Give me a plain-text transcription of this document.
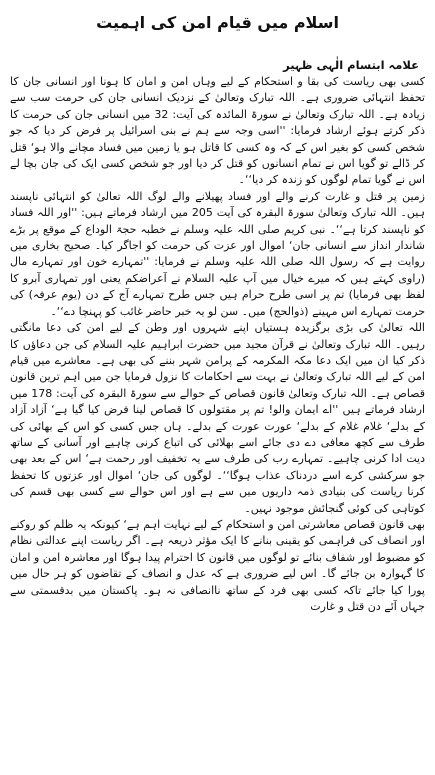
اسلام میں قیام امن کی اہمیت
علامہ ابتسام الٰہی ظہیر

کسی بھی ریاست کی بقا و استحکام کے لیے وہاں امن و امان کا ہونا اور انسانی جان کا تحفظ انتہائی ضروری ہے۔ اللہ تبارک وتعالیٰ کے نزدیک انسانی جان کی حرمت سب سے زیادہ ہے۔ اللہ تبارک وتعالیٰ نے سورۃ المائدہ کی آیت: 32 میں انسانی جان کی حرمت کا ذکر کرتے ہوئے ارشاد فرمایا: ''اسی وجہ سے ہم نے بنی اسرائیل پر فرض کر دیا کہ جو شخص کسی کو بغیر اس کے کہ وہ کسی کا قاتل ہو یا زمین میں فساد مچانے والا ہو‘ قتل کر ڈالے تو گویا اس نے تمام انسانوں کو قتل کر دیا اور جو شخص کسی ایک کی جان بچا لے اس نے گویا تمام لوگوں کو زندہ کر دیا‘‘۔

زمین پر قتل و غارت کرنے والے اور فساد پھیلانے والے لوگ اللہ تعالیٰ کو انتہائی ناپسند ہیں۔ اللہ تبارک وتعالیٰ سورۃ البقرہ کی آیت 205 میں ارشاد فرماتے ہیں: ''اور اللہ فساد کو ناپسند کرتا ہے‘‘۔ نبی کریم صلی اللہ علیہ وسلم نے خطبہ حجۃ الوداع کے موقع پر بڑے شاندار انداز سے انسانی جان‘ اموال اور عزت کی حرمت کو اجاگر کیا۔ صحیح بخاری میں روایت ہے کہ رسول اللہ صلی اللہ علیہ وسلم نے فرمایا: ''تمہارے خون اور تمہارے مال (راوی کہتے ہیں کہ میرے خیال میں آپ علیہ السلام نے آعراضکم یعنی اور تمہاری آبرو کا لفظ بھی فرمایا) تم پر اسی طرح حرام ہیں جس طرح تمہارے آج کے دن (یوم عرفہ) کی حرمت تمہارے اس مہینے (ذوالحج) میں۔ سن لو یہ خبر حاضر غائب کو پہنچا دے‘‘۔

اللہ تعالیٰ کی بڑی برگزیدہ ہستیاں اپنے شہروں اور وطن کے لیے امن کی دعا مانگتی رہیں۔ اللہ تبارک وتعالیٰ نے قرآن مجید میں حضرت ابراہیم علیہ السلام کی جن دعاؤں کا ذکر کیا ان میں ایک دعا مکہ المکرمہ کے پرامن شہر بننے کی بھی ہے۔ معاشرے میں قیام امن کے لیے اللہ تبارک وتعالیٰ نے بہت سے احکامات کا نزول فرمایا جن میں اہم ترین قانون قصاص ہے۔ اللہ تبارک وتعالیٰ قانون قصاص کے حوالے سے سورۃ البقرہ کی آیت: 178 میں ارشاد فرماتے ہیں ''اے ایمان والو! تم پر مقتولوں کا قصاص لینا فرض کیا گیا ہے‘ آزاد آزاد کے بدلے‘ غلام غلام کے بدلے‘ عورت عورت کے بدلے۔ ہاں جس کسی کو اس کے بھائی کی طرف سے کچھ معافی دے دی جائے اسے بھلائی کی اتباع کرنی چاہیے اور آسانی کے ساتھ دیت ادا کرنی چاہیے۔ تمہارے رب کی طرف سے یہ تخفیف اور رحمت ہے‘ اس کے بعد بھی جو سرکشی کرے اسے دردناک عذاب ہوگا‘‘۔ لوگوں کی جان‘ اموال اور عزتوں کا تحفظ کرنا ریاست کی بنیادی ذمہ داریوں میں سے ہے اور اس حوالے سے کسی بھی قسم کی کوتاہی کی کوئی گنجائش موجود نہیں۔

بھی قانون قصاص معاشرتی امن و استحکام کے لیے نہایت اہم ہے‘ کیونکہ یہ ظلم کو روکنے اور انصاف کی فراہمی کو یقینی بنانے کا ایک مؤثر ذریعہ ہے۔ اگر ریاست اپنے عدالتی نظام کو مضبوط اور شفاف بنائے تو لوگوں میں قانون کا احترام پیدا ہوگا اور معاشرہ امن و امان کا گہوارہ بن جائے گا۔ اس لیے ضروری ہے کہ عدل و انصاف کے تقاضوں کو ہر حال میں پورا کیا جائے تاکہ کسی بھی فرد کے ساتھ ناانصافی نہ ہو۔ پاکستان میں بدقسمتی سے جہاں آئے دن قتل و غارت
